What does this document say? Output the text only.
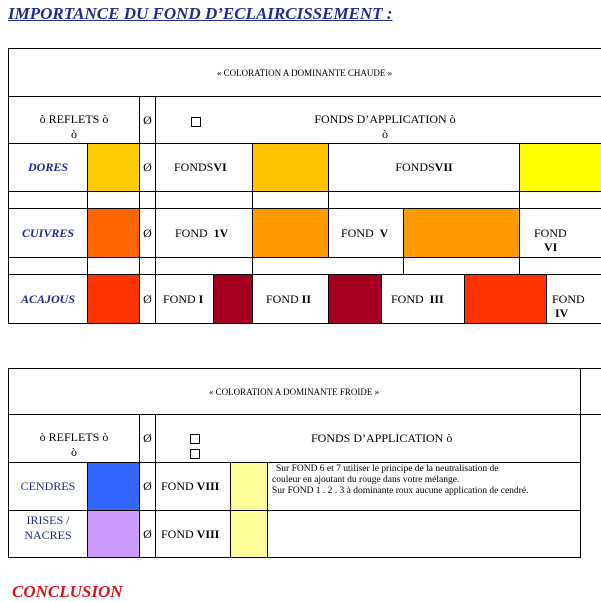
IMPORTANCE DU FOND D’ECLAIRCISSEMENT :
« COLORATION A DOMINANTE CHAUDE »
ò REFLETS ò
ò
Ø	FONDS D’APPLICATION ò
ò
DORES	Ø FONDS VI	FONDS VII
CUIVRES	Ø FOND 1V	FOND V	FOND
VI
ACAJOUS	Ø FOND I	FOND II	FOND III	FOND
IV
« COLORATION A DOMINANTE FROIDE »
ò REFLETS ò
ò
Ø	FONDS D’APPLICATION ò
CENDRES	Ø FOND VIII
Sur FOND 6 et 7 utiliser le principe de la neutralisation de
couleur en ajoutant du rouge dans votre mélange.
Sur FOND 1 . 2 . 3 à dominante roux aucune application de cendré.
IRISES /
NACRES	Ø FOND VIII
CONCLUSION
